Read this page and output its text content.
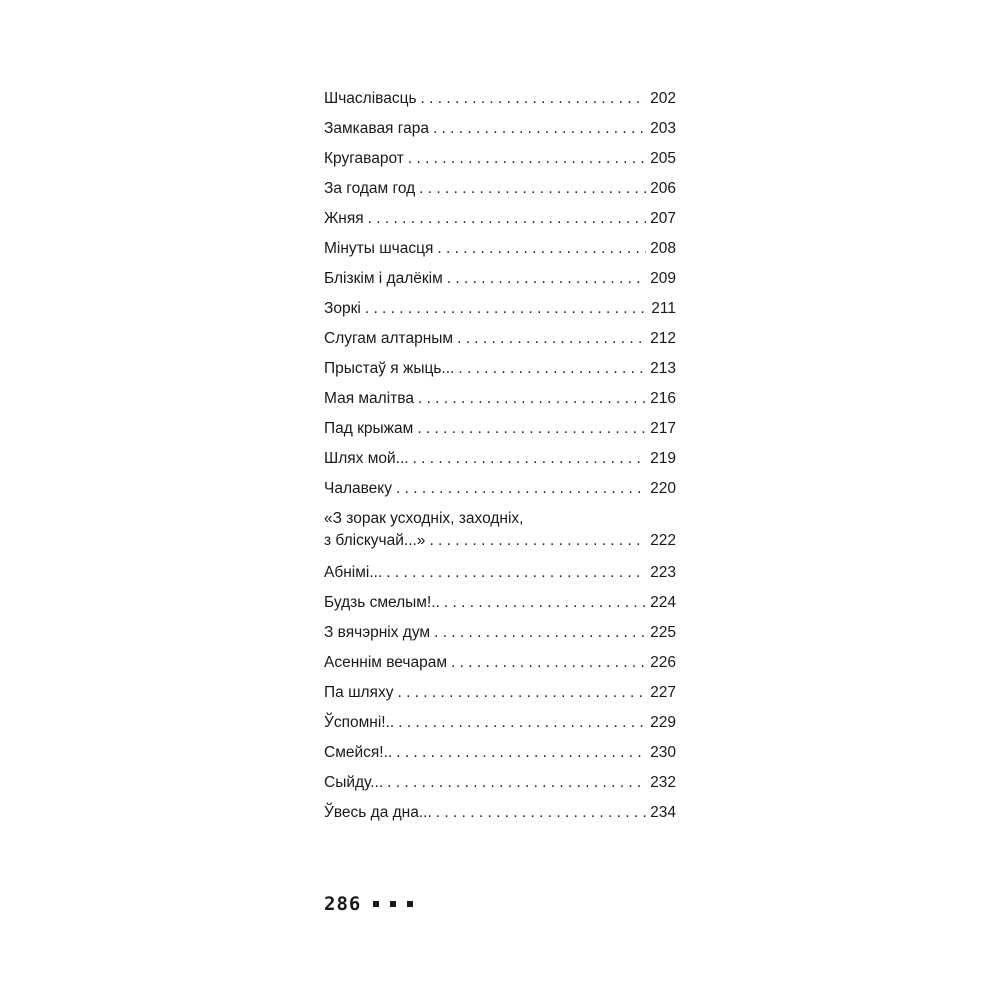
Шчаслівасць . . .	202
Замкавая гара . . .	203
Кругаварот . . .	205
За годам год . . .	206
Жняя . . .	207
Мінуты шчасця . . .	208
Блізкім і далёкім . . .	209
Зоркі . . .	211
Слугам алтарным . . .	212
Прыстаў я жыць... . . .	213
Мая малітва . . .	216
Пад крыжам . . .	217
Шлях мой... . . .	219
Чалавеку . . .	220
«З зорак усходніх, заходніх,
з бліскучай...» . . .	222
Абнімі... . . .	223
Будзь смелым!.. . . .	224
З вячэрніх дум . . .	225
Асеннім вечарам . . .	226
Па шляху . . .	227
Ўспомні!.. . . .	229
Смейся!.. . . .	230
Сыйду... . . .	232
Ўвесь да дна... . . .	234
286
